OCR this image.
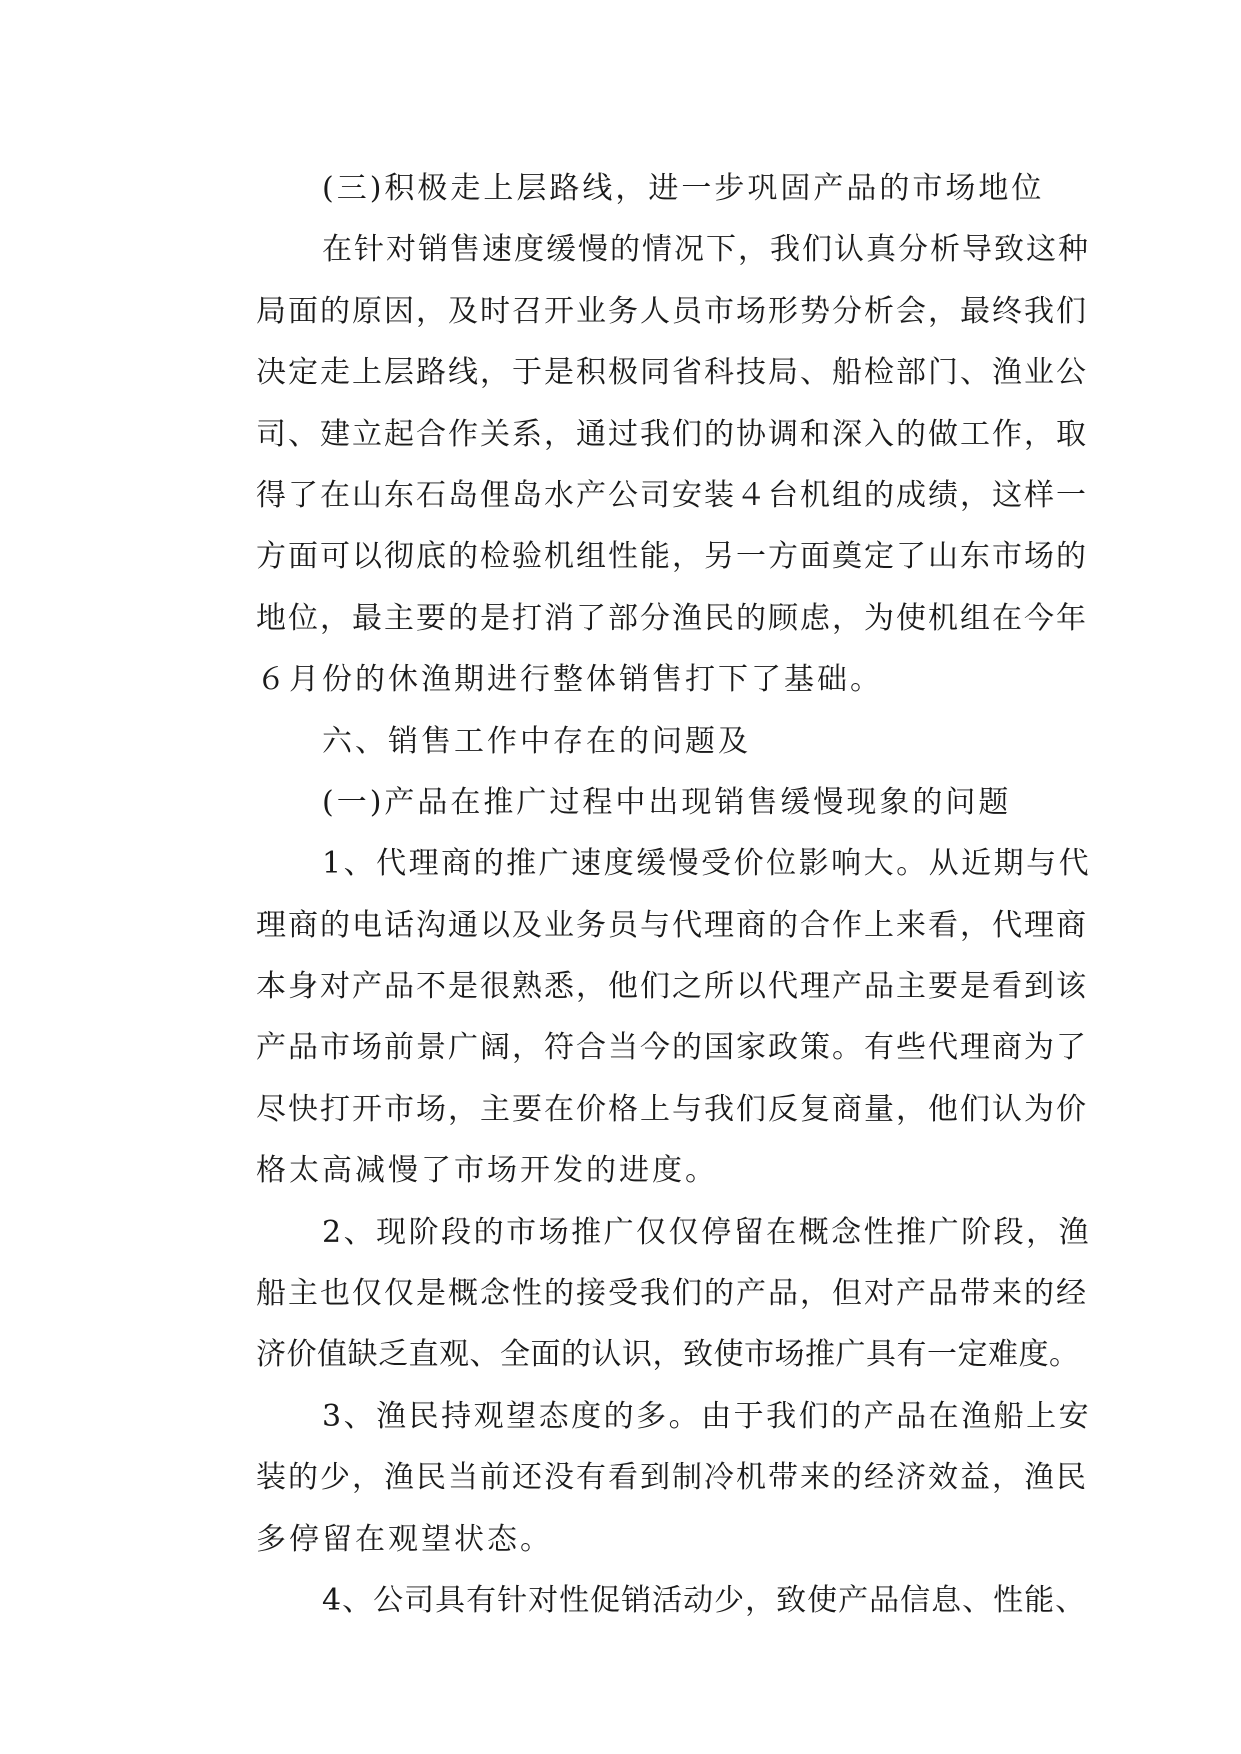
(三)积极走上层路线，进一步巩固产品的市场地位
在针对销售速度缓慢的情况下，我们认真分析导致这种
局面的原因，及时召开业务人员市场形势分析会，最终我们
决定走上层路线，于是积极同省科技局、船检部门、渔业公
司、建立起合作关系，通过我们的协调和深入的做工作，取
得了在山东石岛俚岛水产公司安装４台机组的成绩，这样一
方面可以彻底的检验机组性能，另一方面奠定了山东市场的
地位，最主要的是打消了部分渔民的顾虑，为使机组在今年
６月份的休渔期进行整体销售打下了基础。
六、销售工作中存在的问题及
(一)产品在推广过程中出现销售缓慢现象的问题
1、代理商的推广速度缓慢受价位影响大。从近期与代
理商的电话沟通以及业务员与代理商的合作上来看，代理商
本身对产品不是很熟悉，他们之所以代理产品主要是看到该
产品市场前景广阔，符合当今的国家政策。有些代理商为了
尽快打开市场，主要在价格上与我们反复商量，他们认为价
格太高减慢了市场开发的进度。
2、现阶段的市场推广仅仅停留在概念性推广阶段，渔
船主也仅仅是概念性的接受我们的产品，但对产品带来的经
济价值缺乏直观、全面的认识，致使市场推广具有一定难度。
3、渔民持观望态度的多。由于我们的产品在渔船上安
装的少，渔民当前还没有看到制冷机带来的经济效益，渔民
多停留在观望状态。
4、公司具有针对性促销活动少，致使产品信息、性能、
